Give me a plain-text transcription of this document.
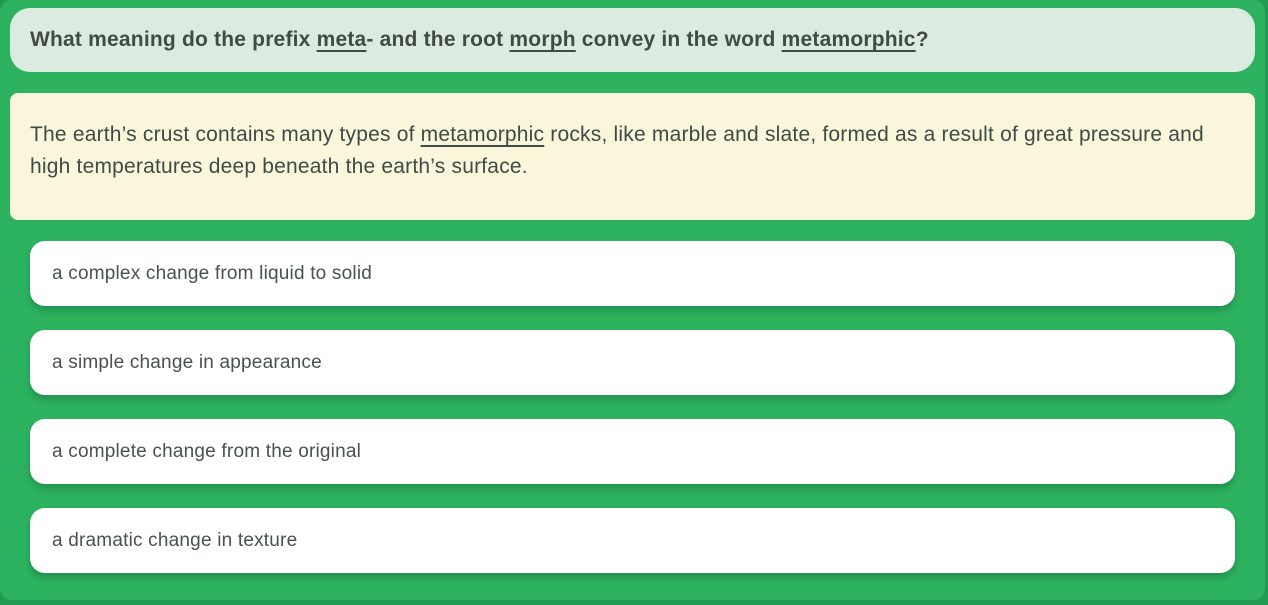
What meaning do the prefix meta- and the root morph convey in the word metamorphic?

The earth’s crust contains many types of metamorphic rocks, like marble and slate, formed as a result of great pressure and high temperatures deep beneath the earth’s surface.

a complex change from liquid to solid
a simple change in appearance
a complete change from the original
a dramatic change in texture
